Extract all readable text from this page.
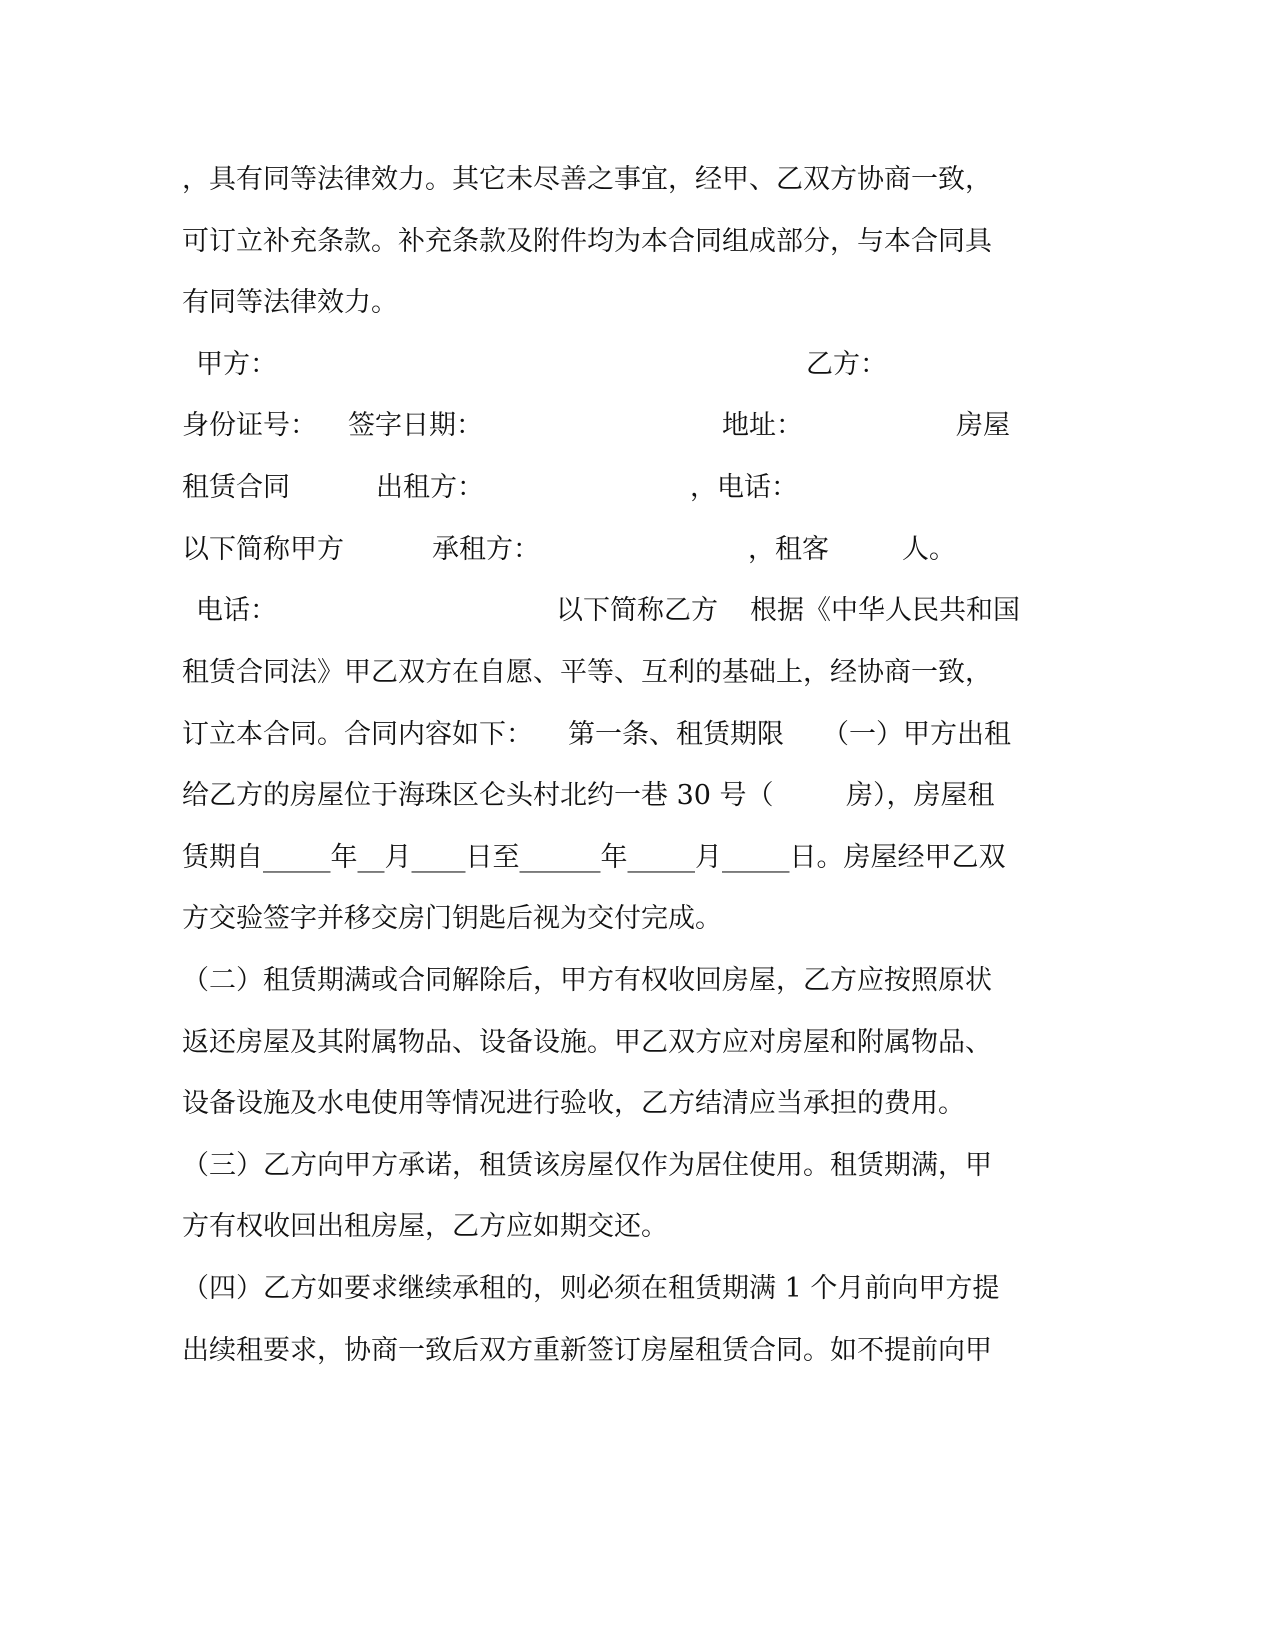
，具有同等法律效力。其它未尽善之事宜，经甲、乙双方协商一致，
可订立补充条款。补充条款及附件均为本合同组成部分，与本合同具
有同等法律效力。
甲方：	乙方：
身份证号： 签字日期：	地址：	房屋
租赁合同	出租方：	，电话：
以下简称甲方	承租方：	，租客	人。
电话：	以下简称乙方 根据《中华人民共和国
租赁合同法》甲乙双方在自愿、平等、互利的基础上，经协商一致，
订立本合同。合同内容如下： 第一条、租赁期限 （一）甲方出租
给乙方的房屋位于海珠区仑头村北约一巷 30 号（	房），房屋租
赁期自_____年__月____日至______年_____月_____日。房屋经甲乙双
方交验签字并移交房门钥匙后视为交付完成。
（二）租赁期满或合同解除后，甲方有权收回房屋，乙方应按照原状
返还房屋及其附属物品、设备设施。甲乙双方应对房屋和附属物品、
设备设施及水电使用等情况进行验收，乙方结清应当承担的费用。
（三）乙方向甲方承诺，租赁该房屋仅作为居住使用。租赁期满，甲
方有权收回出租房屋，乙方应如期交还。
（四）乙方如要求继续承租的，则必须在租赁期满 1 个月前向甲方提
出续租要求，协商一致后双方重新签订房屋租赁合同。如不提前向甲
